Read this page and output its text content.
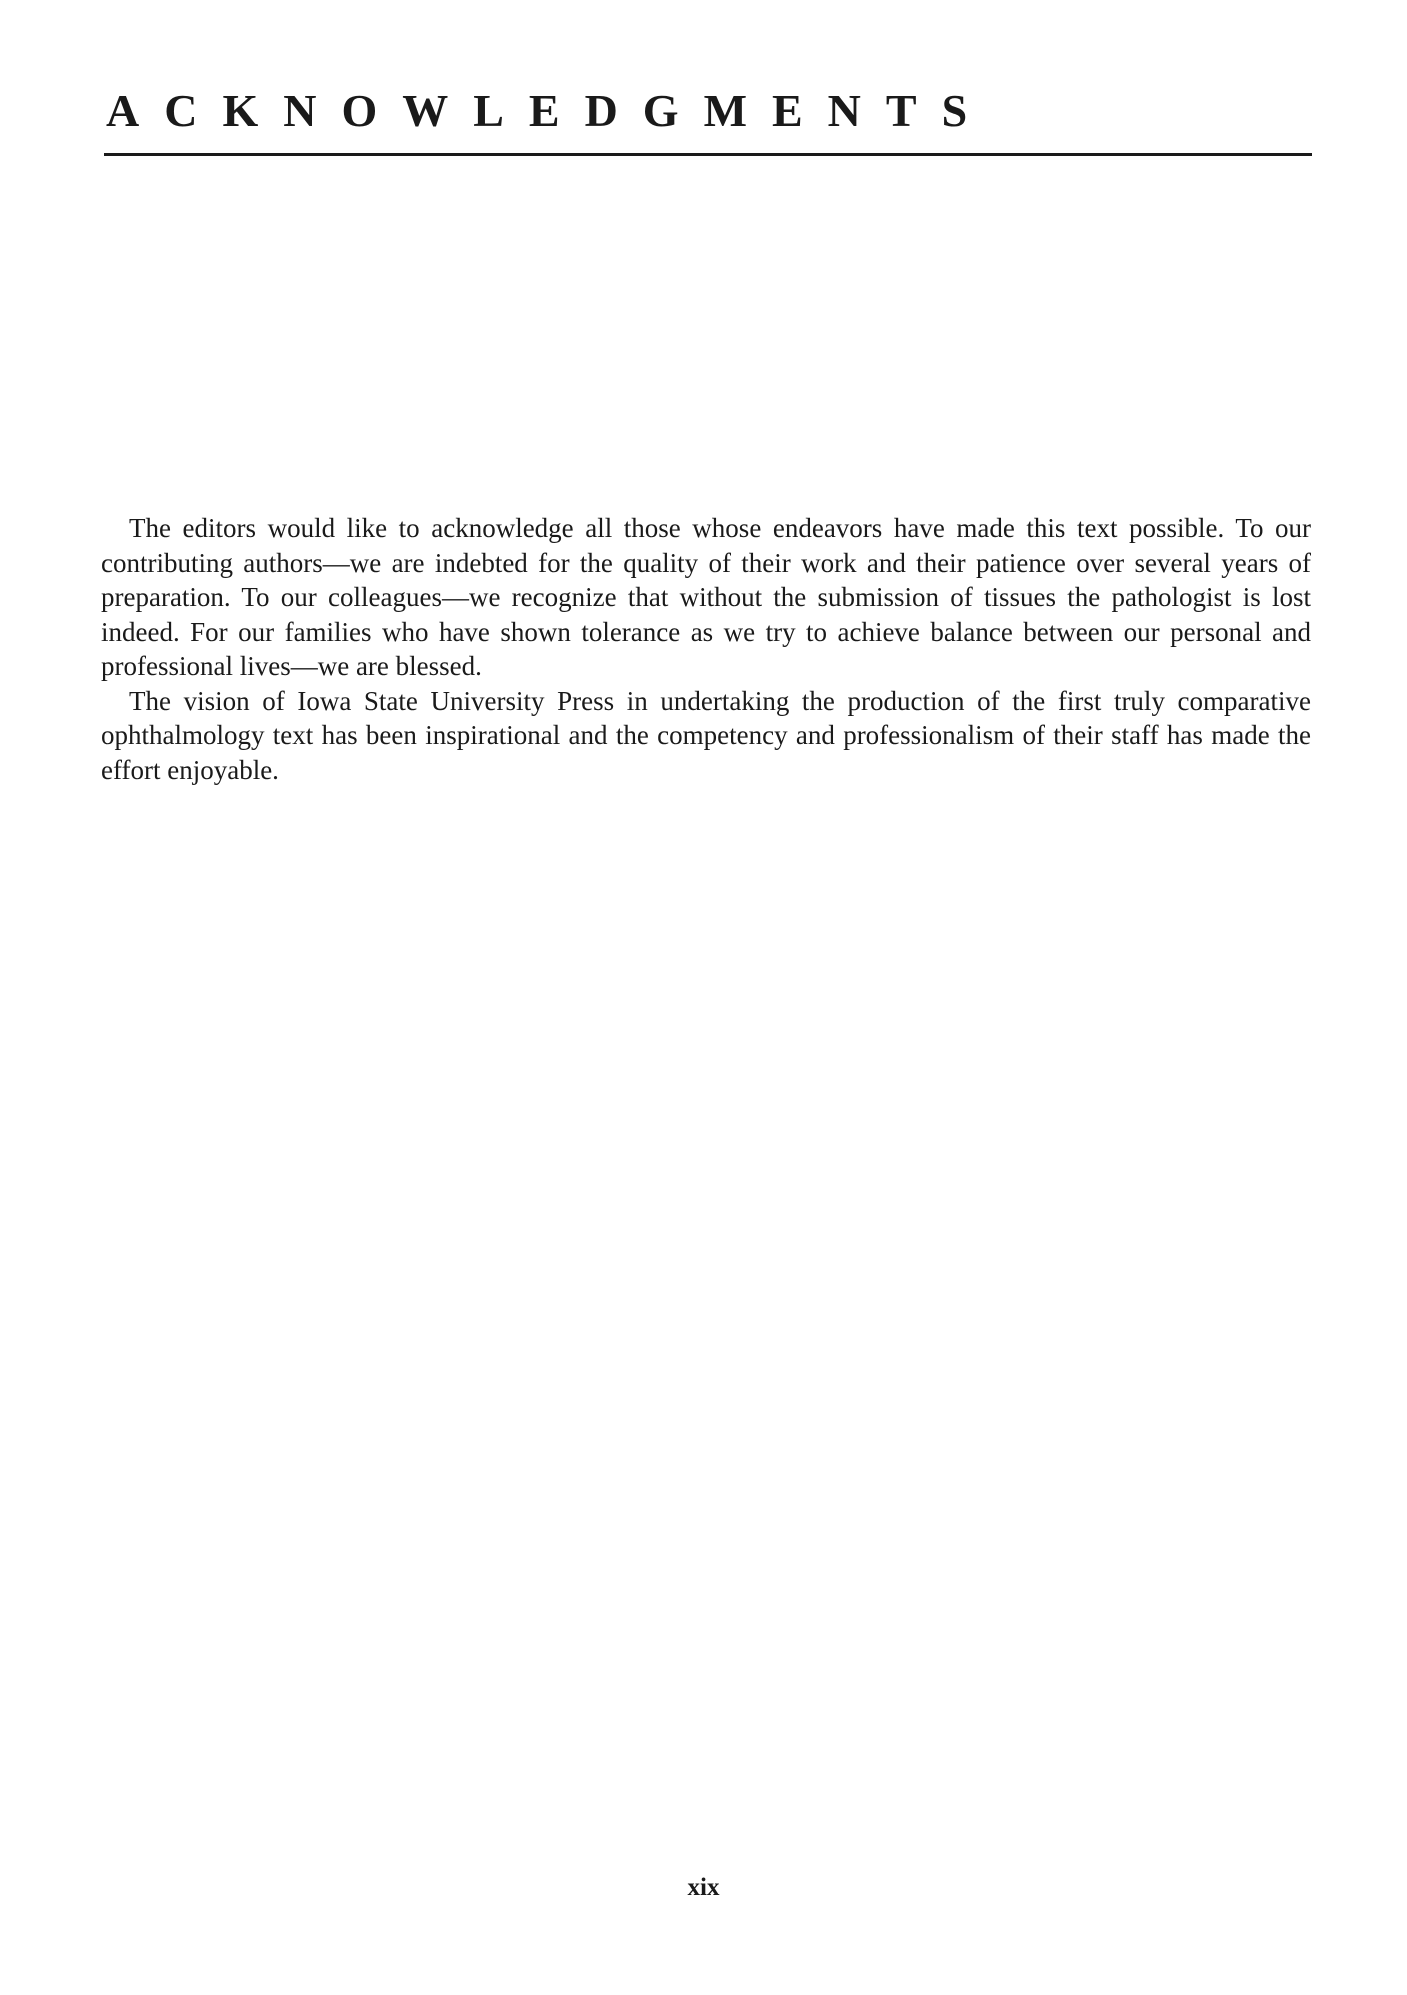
ACKNOWLEDGMENTS

The editors would like to acknowledge all those whose endeavors have made this text possible. To our contributing authors—we are indebted for the quality of their work and their patience over several years of preparation. To our colleagues—we recognize that without the submission of tissues the pathologist is lost indeed. For our families who have shown tolerance as we try to achieve balance between our personal and professional lives—we are blessed.

The vision of Iowa State University Press in undertaking the production of the first truly comparative ophthalmology text has been inspirational and the competency and professionalism of their staff has made the effort enjoyable.

xix
